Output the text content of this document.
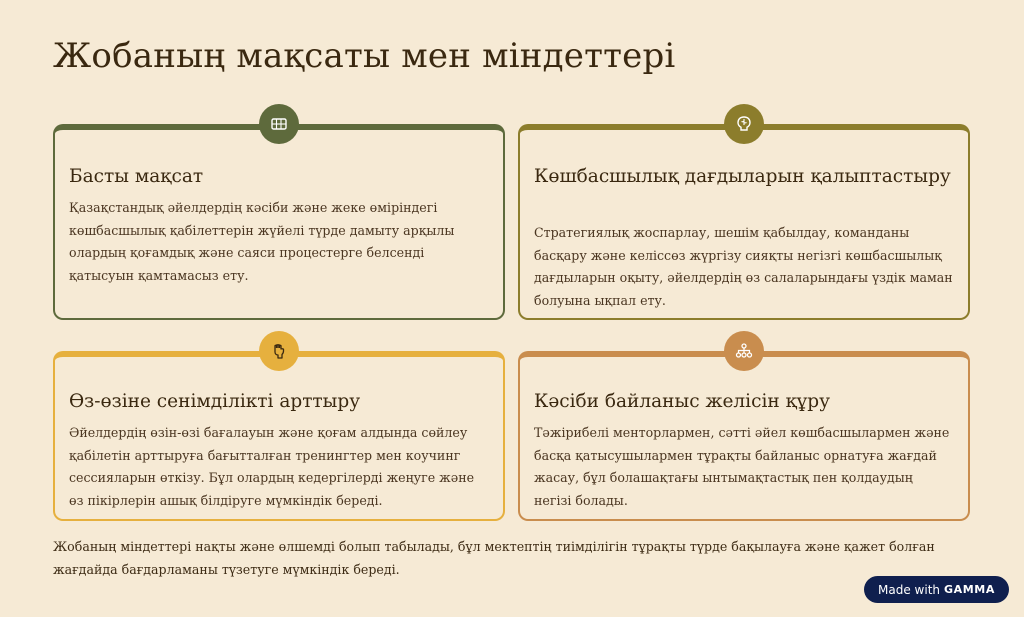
Жобаның мақсаты мен міндеттері
Басты мақсат

Қазақстандық әйелдердің кәсіби және жеке өміріндегі көшбасшылық қабілеттерін жүйелі түрде дамыту арқылы олардың қоғамдық және саяси процестерге белсенді қатысуын қамтамасыз ету.

Көшбасшылық дағдыларын қалыптастыру

Стратегиялық жоспарлау, шешім қабылдау, команданы басқару және келіссөз жүргізу сияқты негізгі көшбасшылық дағдыларын оқыту, әйелдердің өз салаларындағы үздік маман болуына ықпал ету.

Өз-өзіне сенімділікті арттыру

Әйелдердің өзін-өзі бағалауын және қоғам алдында сөйлеу қабілетін арттыруға бағытталған тренингтер мен коучинг сессияларын өткізу. Бұл олардың кедергілерді жеңуге және өз пікірлерін ашық білдіруге мүмкіндік береді.

Кәсіби байланыс желісін құру

Тәжірибелі менторлармен, сәтті әйел көшбасшылармен және басқа қатысушылармен тұрақты байланыс орнатуға жағдай жасау, бұл болашақтағы ынтымақтастық пен қолдаудың негізі болады.

Жобаның міндеттері нақты және өлшемді болып табылады, бұл мектептің тиімділігін тұрақты түрде бақылауға және қажет болған жағдайда бағдарламаны түзетуге мүмкіндік береді.

Made with GAMMA
